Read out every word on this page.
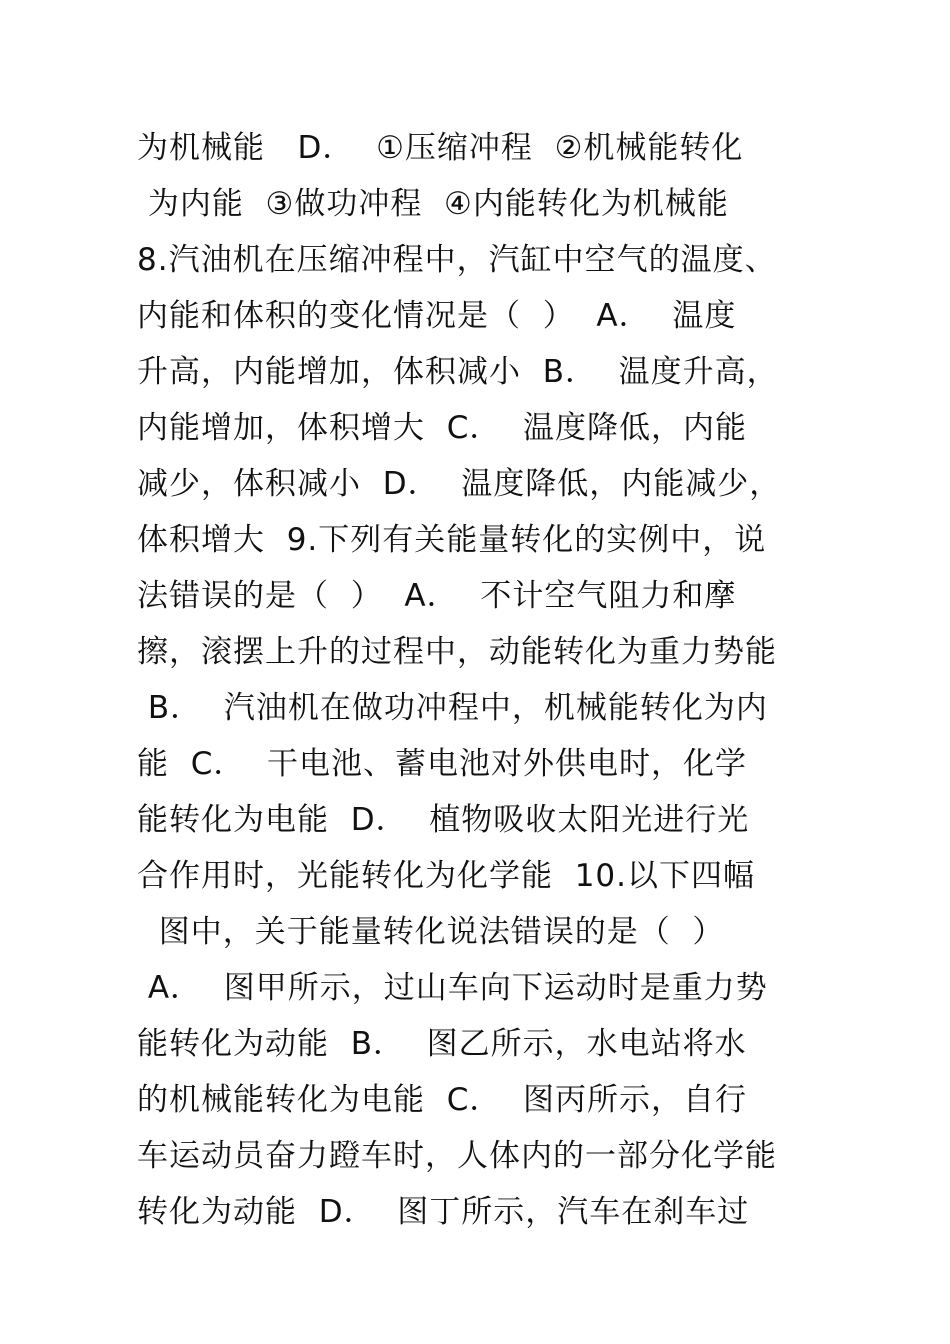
为机械能   D．  ①压缩冲程  ②机械能转化
为内能  ③做功冲程  ④内能转化为机械能
8.汽油机在压缩冲程中，汽缸中空气的温度、
内能和体积的变化情况是（  ）  A．  温度
升高，内能增加，体积减小  B．  温度升高，
内能增加，体积增大  C．  温度降低，内能
减少，体积减小  D．  温度降低，内能减少，
体积增大  9.下列有关能量转化的实例中，说
法错误的是（  ）  A．  不计空气阻力和摩
擦，滚摆上升的过程中，动能转化为重力势能
B．  汽油机在做功冲程中，机械能转化为内
能  C．  干电池、蓄电池对外供电时，化学
能转化为电能  D．  植物吸收太阳光进行光
合作用时，光能转化为化学能  10.以下四幅
图中，关于能量转化说法错误的是（  ）
A．  图甲所示，过山车向下运动时是重力势
能转化为动能  B．  图乙所示，水电站将水
的机械能转化为电能  C．  图丙所示，自行
车运动员奋力蹬车时，人体内的一部分化学能
转化为动能  D．  图丁所示，汽车在刹车过
